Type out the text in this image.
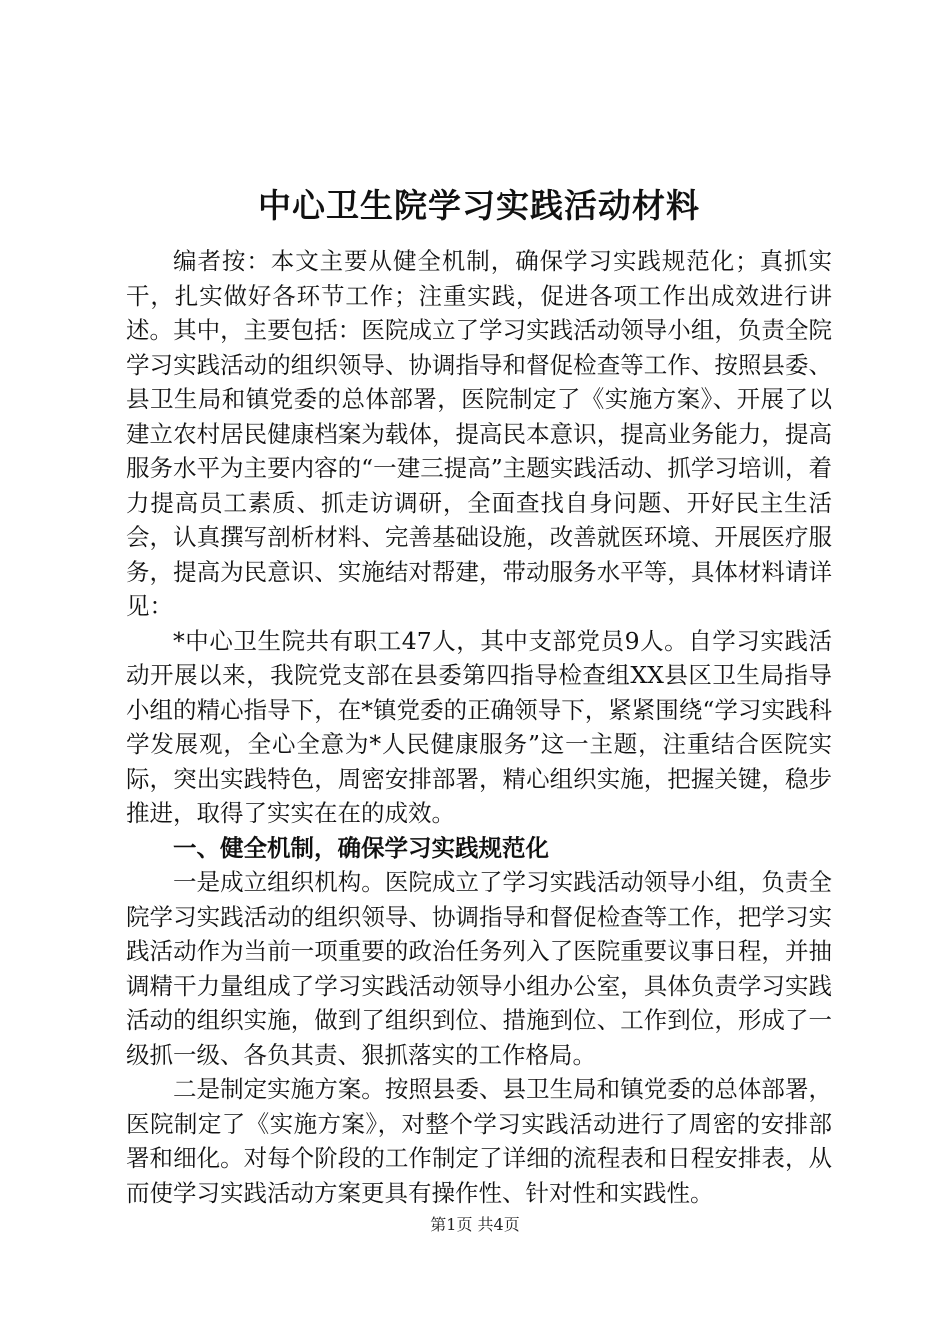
中心卫生院学习实践活动材料

编者按：本文主要从健全机制，确保学习实践规范化；真抓实干，扎实做好各环节工作；注重实践，促进各项工作出成效进行讲述。其中，主要包括：医院成立了学习实践活动领导小组，负责全院学习实践活动的组织领导、协调指导和督促检查等工作、按照县委、县卫生局和镇党委的总体部署，医院制定了《实施方案》、开展了以建立农村居民健康档案为载体，提高民本意识，提高业务能力，提高服务水平为主要内容的“一建三提高”主题实践活动、抓学习培训，着力提高员工素质、抓走访调研，全面查找自身问题、开好民主生活会，认真撰写剖析材料、完善基础设施，改善就医环境、开展医疗服务，提高为民意识、实施结对帮建，带动服务水平等，具体材料请详见：

*中心卫生院共有职工47人，其中支部党员9人。自学习实践活动开展以来，我院党支部在县委第四指导检查组XX县区卫生局指导小组的精心指导下，在*镇党委的正确领导下，紧紧围绕“学习实践科学发展观，全心全意为*人民健康服务”这一主题，注重结合医院实际，突出实践特色，周密安排部署，精心组织实施，把握关键，稳步推进，取得了实实在在的成效。

一、健全机制，确保学习实践规范化

一是成立组织机构。医院成立了学习实践活动领导小组，负责全院学习实践活动的组织领导、协调指导和督促检查等工作，把学习实践活动作为当前一项重要的政治任务列入了医院重要议事日程，并抽调精干力量组成了学习实践活动领导小组办公室，具体负责学习实践活动的组织实施，做到了组织到位、措施到位、工作到位，形成了一级抓一级、各负其责、狠抓落实的工作格局。

二是制定实施方案。按照县委、县卫生局和镇党委的总体部署，医院制定了《实施方案》，对整个学习实践活动进行了周密的安排部署和细化。对每个阶段的工作制定了详细的流程表和日程安排表，从而使学习实践活动方案更具有操作性、针对性和实践性。

第1页 共4页
